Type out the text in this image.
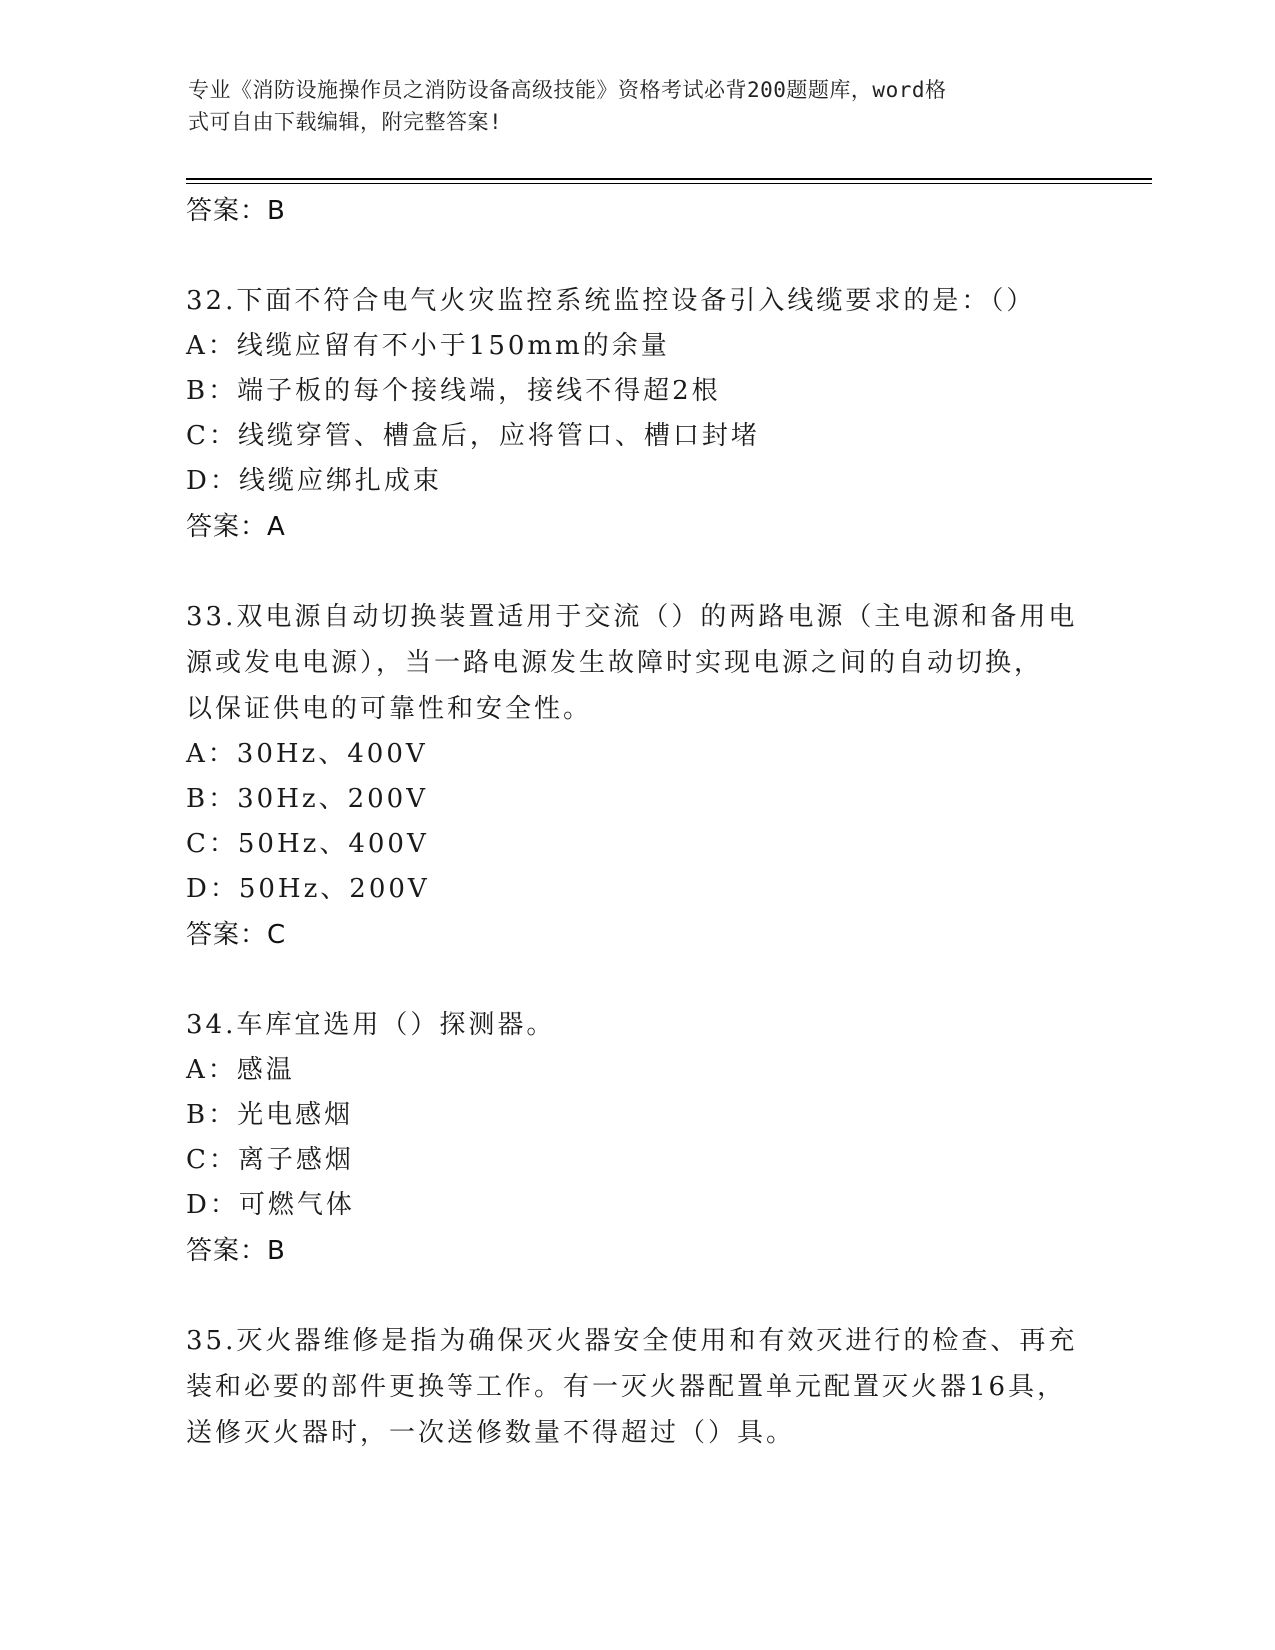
专业《消防设施操作员之消防设备高级技能》资格考试必背200题题库，word格
式可自由下载编辑，附完整答案!
答案：B
32.下面不符合电气火灾监控系统监控设备引入线缆要求的是：（）
A：线缆应留有不小于150mm的余量
B：端子板的每个接线端，接线不得超2根
C：线缆穿管、槽盒后，应将管口、槽口封堵
D：线缆应绑扎成束
答案：A
33.双电源自动切换装置适用于交流（）的两路电源（主电源和备用电
源或发电电源），当一路电源发生故障时实现电源之间的自动切换，
以保证供电的可靠性和安全性。
A：30Hz、400V
B：30Hz、200V
C：50Hz、400V
D：50Hz、200V
答案：C
34.车库宜选用（）探测器。
A：感温
B：光电感烟
C：离子感烟
D：可燃气体
答案：B
35.灭火器维修是指为确保灭火器安全使用和有效灭进行的检查、再充
装和必要的部件更换等工作。有一灭火器配置单元配置灭火器16具，
送修灭火器时，一次送修数量不得超过（）具。
